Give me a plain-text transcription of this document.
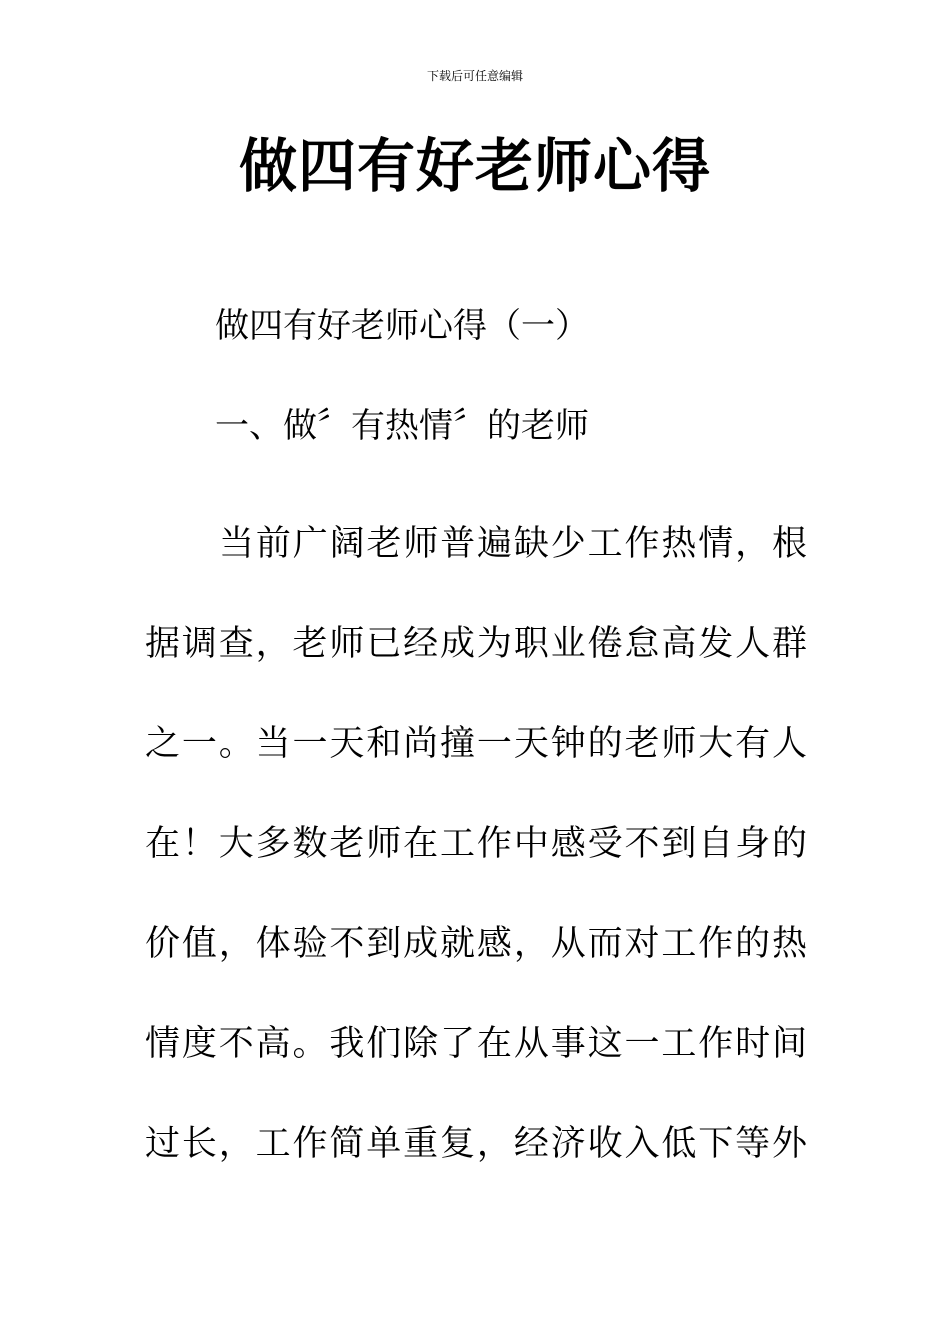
下载后可任意编辑
做四有好老师心得
做四有好老师心得（一）
一、做〞有热情〞的老师
当前广阔老师普遍缺少工作热情，根
据调查，老师已经成为职业倦怠高发人群
之一。当一天和尚撞一天钟的老师大有人
在！大多数老师在工作中感受不到自身的
价值，体验不到成就感，从而对工作的热
情度不高。我们除了在从事这一工作时间
过长，工作简单重复，经济收入低下等外
